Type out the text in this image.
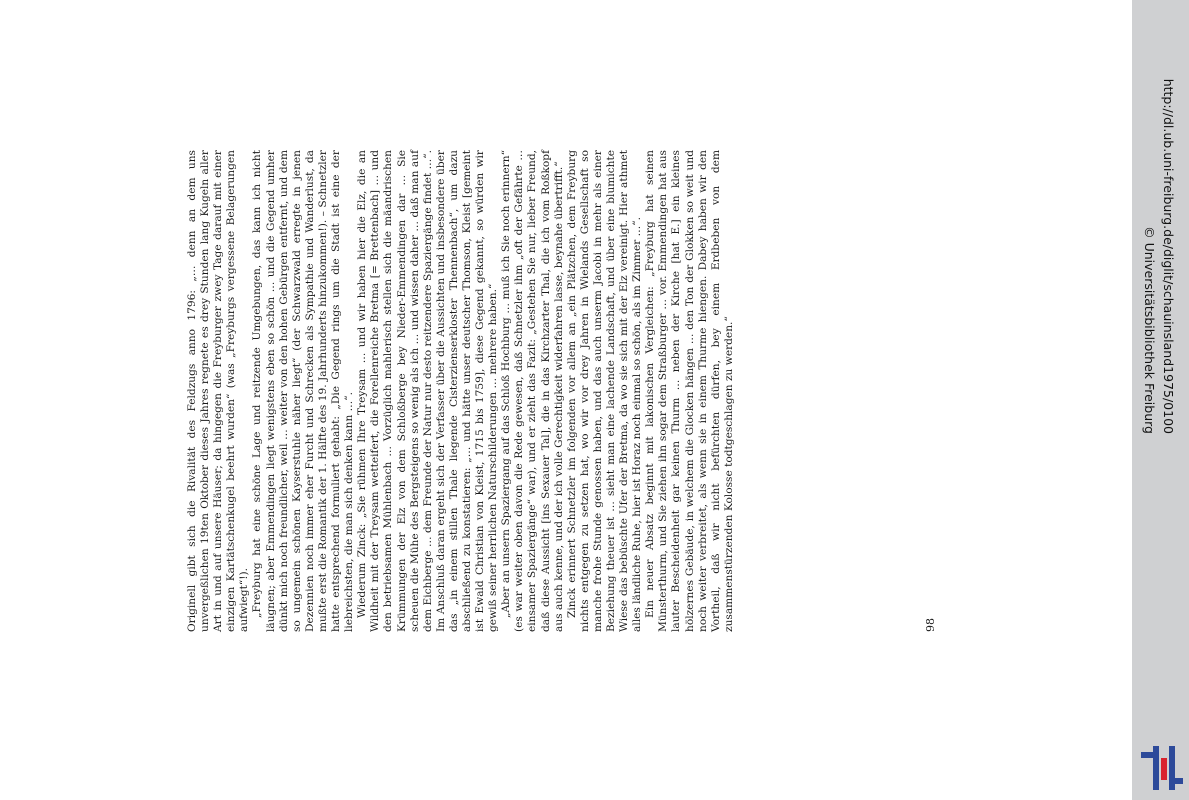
Originell gibt sich die Rivalität des Feldzugs anno 1796: „… denn an dem uns unvergeßlichen 19ten Oktober dieses Jahres regnete es drey Stunden lang Kugeln aller Art in und auf unsere Häuser; da hingegen die Freyburger zwey Tage darauf mit einer einzigen Kartätschenkugel beehrt wurden“ (was „Freyburgs vergessene Belagerungen aufwiegt“!). „Freyburg hat eine schöne Lage und reitzende Umgebungen, das kann ich nicht läugnen; aber Emmendingen liegt wenigstens eben so schön … und die Gegend umher dünkt mich noch freundlicher, weil … weiter von den hohen Gebürgen entfernt, und dem so ungemein schönen Kayserstuhle näher liegt“ (der Schwarzwald erregte in jenen Dezennien noch immer eher Furcht und Schrecken als Sympathie und Wanderlust, da mußte erst die Romantik der 1. Hälfte des 19. Jahrhunderts hinzukommen!). – Schnetzler hatte entsprechend formuliert gehabt: „Die Gegend rings um die Stadt ist eine der liebreichsten, die man sich denken kann …“. Wiederum Zinck: „Sie rühmen Ihre Treysam … und wir haben hier die Elz, die an Wildheit mit der Treysam wetteifert, die Forellenreiche Bretma [= Brettenbach] … und den betriebsamen Mühlenbach … Vorzüglich mahlerisch stellen sich die mäandrischen Krümmungen der Elz von dem Schloßberge bey Nieder-Emmendingen dar … Sie scheuen die Mühe des Bergsteigens so wenig als ich … und wissen daher … daß man auf dem Eichberge … dem Freunde der Natur nur desto reitzendere Spaziergänge findet …“. Im Anschluß daran ergeht sich der Verfasser über die Aussichten und insbesondere über das „in einem stillen Thale liegende Cisterzienserkloster Thennenbach“, um dazu abschließend zu konstatieren: „… und hätte unser deutscher Thomson, Kleist [gemeint ist Ewald Christian von Kleist, 1715 bis 1759], diese Gegend gekannt, so würden wir gewiß seiner herrlichen Naturschilderungen … mehrere haben.“ „Aber an unsern Spaziergang auf das Schloß Hochburg … muß ich Sie noch erinnern“ (es war weiter oben davon die Rede gewesen, daß Schnetzler ihm „oft der Gefährte … einsamer Spaziergänge“ war), und er zieht das Fazit: „Gestehen Sie nur, lieber Freund, daß diese Aussicht [ins Sexauer Tal], die in das Kirchzarter Thal, die ich vom Roßkopf aus auch kenne, und der ich volle Gerechtigkeit widerfahren lasse, beynahe übertrifft.“ Zinck erinnert Schnetzler im folgenden vor allem an „ein Plätzchen, dem Freyburg nichts entgegen zu setzen hat, wo wir vor drey Jahren in Wielands Gesellschaft so manche frohe Stunde genossen haben, und das auch unserm Jacobi in mehr als einer Beziehung theuer ist … sieht man eine lachende Landschaft, und über eine blumichte Wiese das bebüschte Ufer der Bretma, da wo sie sich mit der Elz vereinigt. Hier athmet alles ländliche Ruhe, hier ist Horaz noch einmal so schön, als im Zimmer …“. Ein neuer Absatz beginnt mit lakonischen Vergleichen: „Freyburg hat seinen Münsterthurm, und Sie ziehen ihn sogar dem Straßburger … vor. Emmendingen hat aus lauter Bescheidenheit gar keinen Thurm … neben der Kirche [hat E.] ein kleines hölzernes Gebäude, in welchem die Glocken hängen … den Ton der Glokken so weit und noch weiter verbreitet, als wenn sie in einem Thurme hiengen. Dabey haben wir den Vortheil, daß wir nicht befürchten dürfen, bey einem Erdbeben von dem zusammenstürzenden Kolosse todtgeschlagen zu werden.“	98
http://dl.ub.uni-freiburg.de/diglit/schauinsland1975/0100
© Universitätsbibliothek Freiburg
